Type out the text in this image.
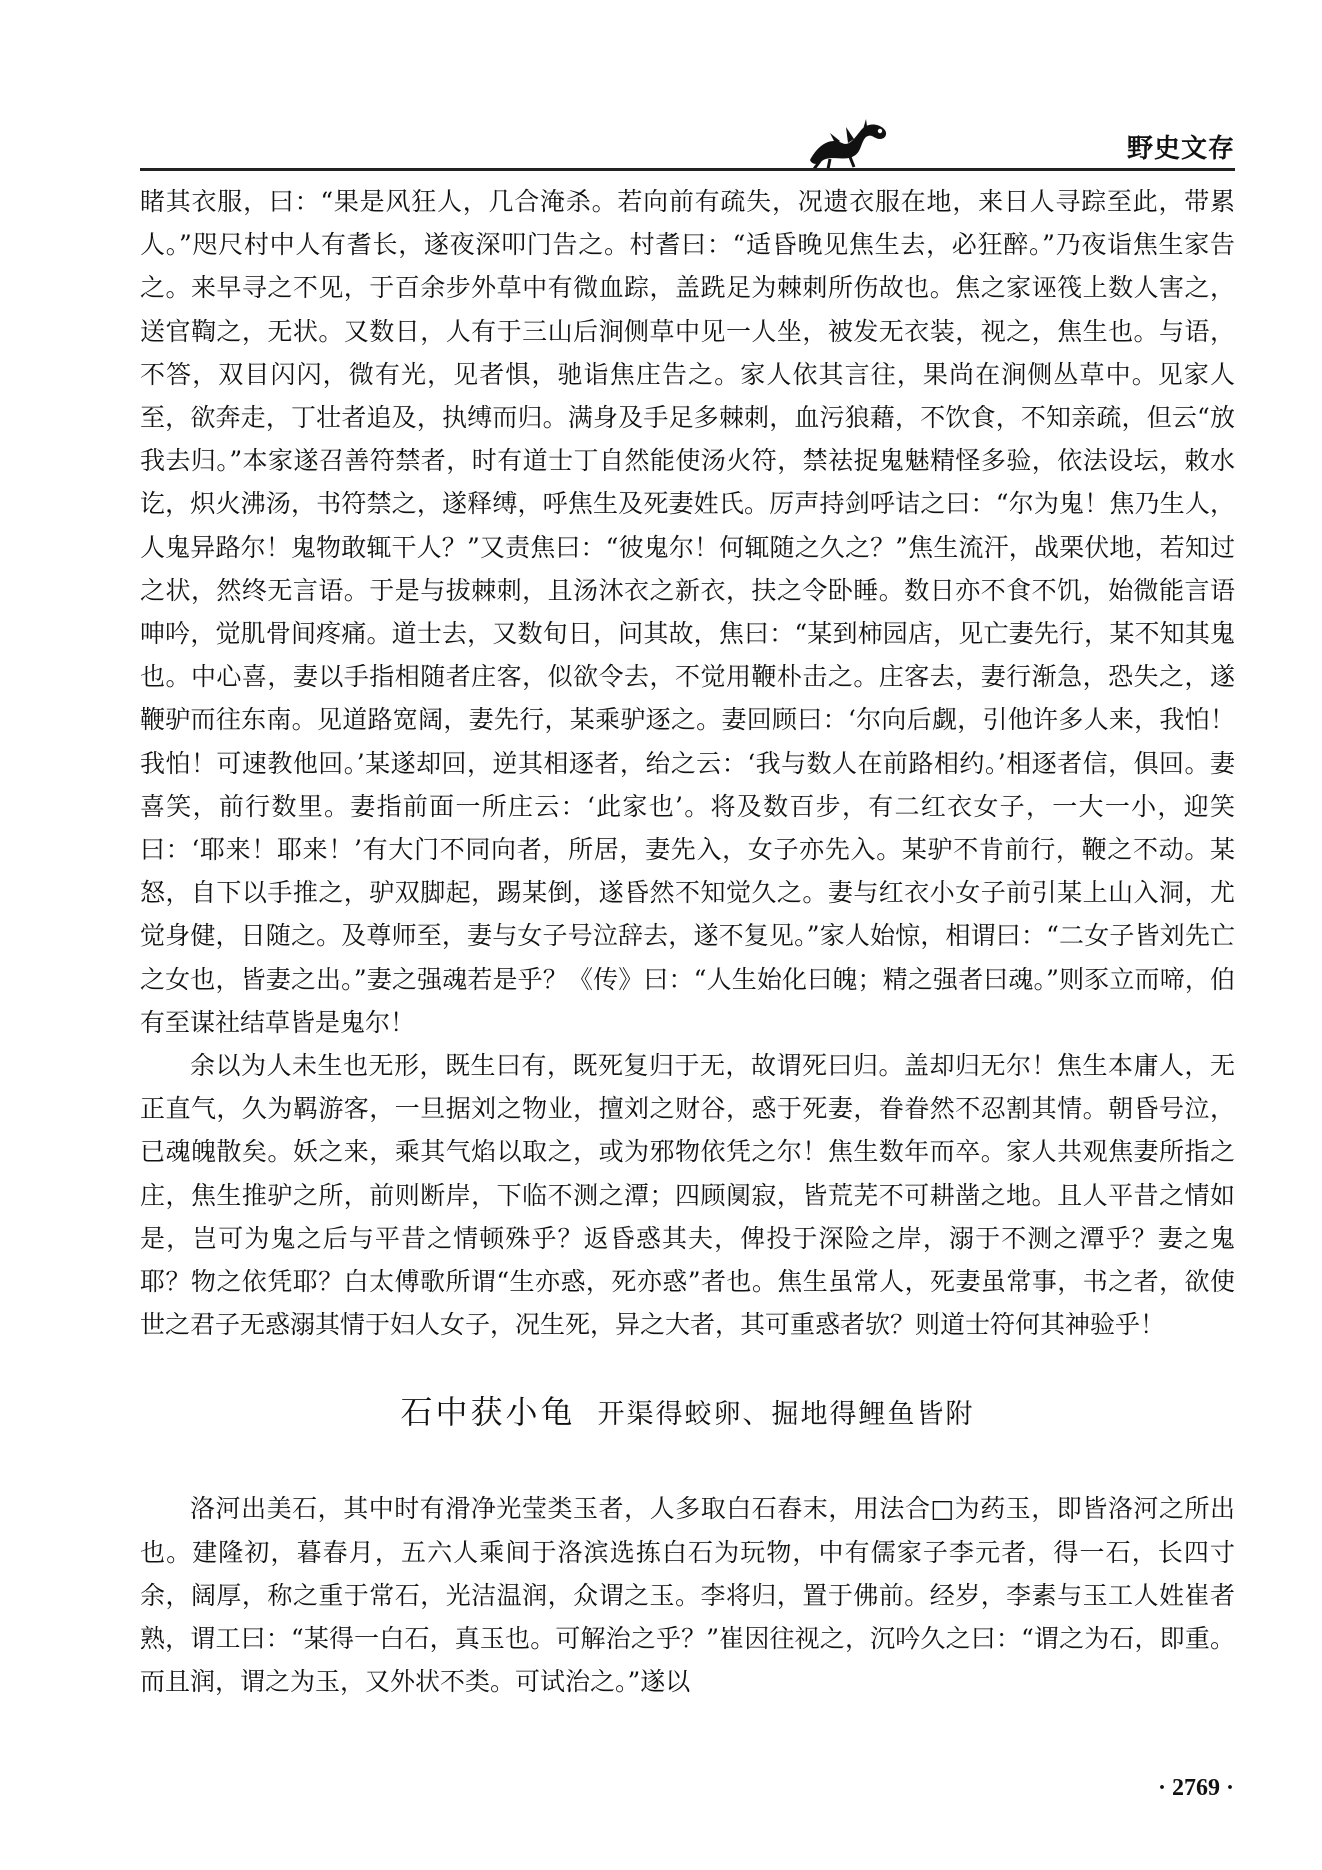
野史文存

睹其衣服，曰：“果是风狂人，几合淹杀。若向前有疏失，况遗衣服在地，来日人寻踪至此，带累人。”咫尺村中人有耆长，遂夜深叩门告之。村耆曰：“适昏晚见焦生去，必狂醉。”乃夜诣焦生家告之。来早寻之不见，于百余步外草中有微血踪，盖跣足为棘刺所伤故也。焦之家诬筏上数人害之，送官鞫之，无状。又数日，人有于三山后涧侧草中见一人坐，被发无衣装，视之，焦生也。与语，不答，双目闪闪，微有光，见者惧，驰诣焦庄告之。家人依其言往，果尚在涧侧丛草中。见家人至，欲奔走，丁壮者追及，执缚而归。满身及手足多棘刺，血污狼藉，不饮食，不知亲疏，但云“放我去归。”本家遂召善符禁者，时有道士丁自然能使汤火符，禁祛捉鬼魅精怪多验，依法设坛，敕水讫，炽火沸汤，书符禁之，遂释缚，呼焦生及死妻姓氏。厉声持剑呼诘之曰：“尔为鬼！焦乃生人，人鬼异路尔！鬼物敢辄干人？”又责焦曰：“彼鬼尔！何辄随之久之？”焦生流汗，战栗伏地，若知过之状，然终无言语。于是与拔棘刺，且汤沐衣之新衣，扶之令卧睡。数日亦不食不饥，始微能言语呻吟，觉肌骨间疼痛。道士去，又数旬日，问其故，焦曰：“某到柿园店，见亡妻先行，某不知其鬼也。中心喜，妻以手指相随者庄客，似欲令去，不觉用鞭朴击之。庄客去，妻行渐急，恐失之，遂鞭驴而往东南。见道路宽阔，妻先行，某乘驴逐之。妻回顾曰：‘尔向后觑，引他许多人来，我怕！我怕！可速教他回。’某遂却回，逆其相逐者，绐之云：‘我与数人在前路相约。’相逐者信，俱回。妻喜笑，前行数里。妻指前面一所庄云：‘此家也’。将及数百步，有二红衣女子，一大一小，迎笑曰：‘耶来！耶来！’有大门不同向者，所居，妻先入，女子亦先入。某驴不肯前行，鞭之不动。某怒，自下以手推之，驴双脚起，踢某倒，遂昏然不知觉久之。妻与红衣小女子前引某上山入洞，尤觉身健，日随之。及尊师至，妻与女子号泣辞去，遂不复见。”家人始惊，相谓曰：“二女子皆刘先亡之女也，皆妻之出。”妻之强魂若是乎？《传》曰：“人生始化曰魄；精之强者曰魂。”则豕立而啼，伯有至谋社结草皆是鬼尔！

余以为人未生也无形，既生曰有，既死复归于无，故谓死曰归。盖却归无尔！焦生本庸人，无正直气，久为羁游客，一旦据刘之物业，擅刘之财谷，惑于死妻，眷眷然不忍割其情。朝昏号泣，已魂魄散矣。妖之来，乘其气焰以取之，或为邪物依凭之尔！焦生数年而卒。家人共观焦妻所指之庄，焦生推驴之所，前则断岸，下临不测之潭；四顾阒寂，皆荒芜不可耕凿之地。且人平昔之情如是，岂可为鬼之后与平昔之情顿殊乎？返昏惑其夫，俾投于深险之岸，溺于不测之潭乎？妻之鬼耶？物之依凭耶？白太傅歌所谓“生亦惑，死亦惑”者也。焦生虽常人，死妻虽常事，书之者，欲使世之君子无惑溺其情于妇人女子，况生死，异之大者，其可重惑者欤？则道士符何其神验乎！

石中获小龟 开渠得蛟卵、掘地得鲤鱼皆附

洛河出美石，其中时有滑净光莹类玉者，人多取白石舂末，用法合□为药玉，即皆洛河之所出也。建隆初，暮春月，五六人乘间于洛滨选拣白石为玩物，中有儒家子李元者，得一石，长四寸余，阔厚，称之重于常石，光洁温润，众谓之玉。李将归，置于佛前。经岁，李素与玉工人姓崔者熟，谓工曰：“某得一白石，真玉也。可解治之乎？”崔因往视之，沉吟久之曰：“谓之为石，即重。而且润，谓之为玉，又外状不类。可试治之。”遂以

· 2769 ·
